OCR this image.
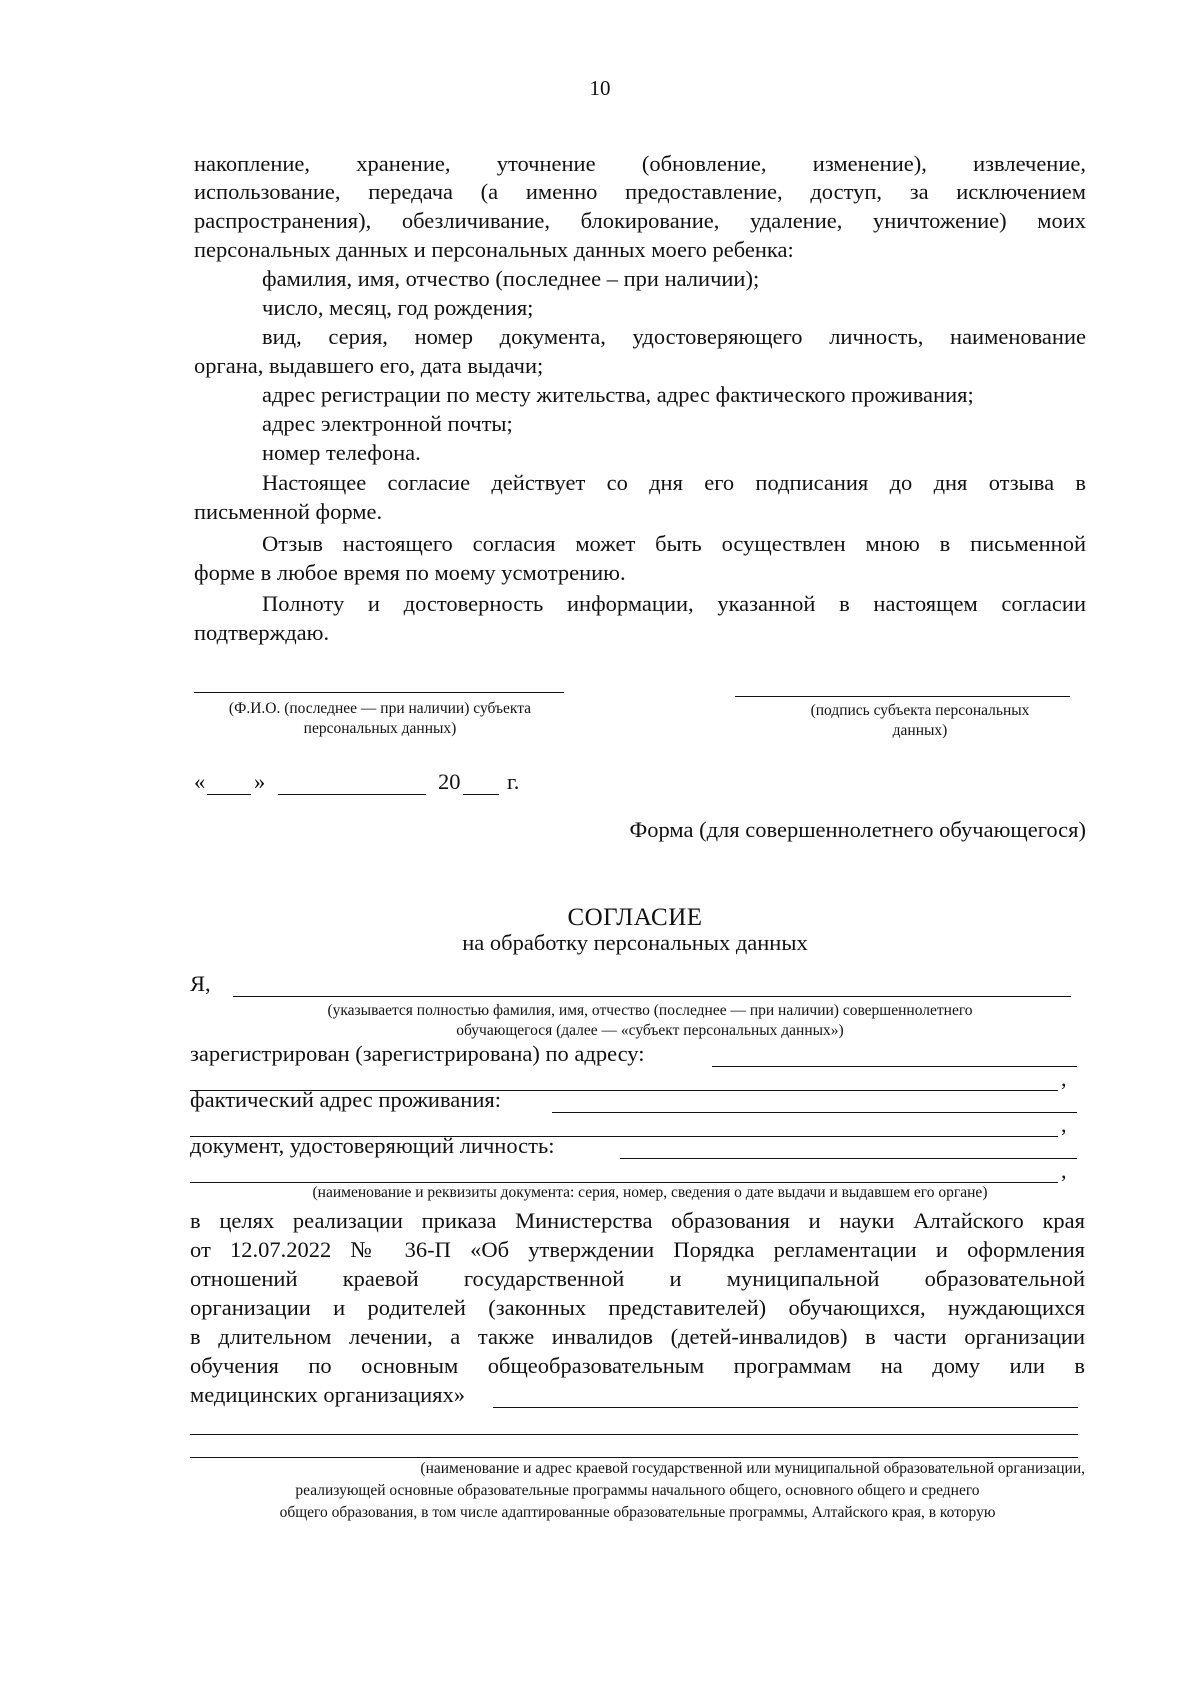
10
накопление, хранение, уточнение (обновление, изменение), извлечение,
использование, передача (а именно предоставление, доступ, за исключением
распространения), обезличивание, блокирование, удаление, уничтожение) моих
персональных данных и персональных данных моего ребенка:
фамилия, имя, отчество (последнее – при наличии);
число, месяц, год рождения;
вид, серия, номер документа, удостоверяющего личность, наименование
органа, выдавшего его, дата выдачи;
адрес регистрации по месту жительства, адрес фактического проживания;
адрес электронной почты;
номер телефона.
Настоящее согласие действует со дня его подписания до дня отзыва в
письменной форме.
Отзыв настоящего согласия может быть осуществлен мною в письменной
форме в любое время по моему усмотрению.
Полноту и достоверность информации, указанной в настоящем согласии
подтверждаю.
(Ф.И.О. (последнее — при наличии) субъекта
персональных данных)
(подпись субъекта персональных
данных)
« »	20 г.
Форма (для совершеннолетнего обучающегося)
СОГЛАСИЕ
на обработку персональных данных
Я,
(указывается полностью фамилия, имя, отчество (последнее — при наличии) совершеннолетнего
обучающегося (далее — «субъект персональных данных»)
зарегистрирован (зарегистрирована) по адресу:
,
фактический адрес проживания:
,
документ, удостоверяющий личность:
,
(наименование и реквизиты документа: серия, номер, сведения о дате выдачи и выдавшем его органе)
в целях реализации приказа Министерства образования и науки Алтайского края
от 12.07.2022 № 36-П «Об утверждении Порядка регламентации и оформления
отношений краевой государственной и муниципальной образовательной
организации и родителей (законных представителей) обучающихся, нуждающихся
в длительном лечении, а также инвалидов (детей-инвалидов) в части организации
обучения по основным общеобразовательным программам на дому или в
медицинских организациях»
(наименование и адрес краевой государственной или муниципальной образовательной организации,
реализующей основные образовательные программы начального общего, основного общего и среднего
общего образования, в том числе адаптированные образовательные программы, Алтайского края, в которую
